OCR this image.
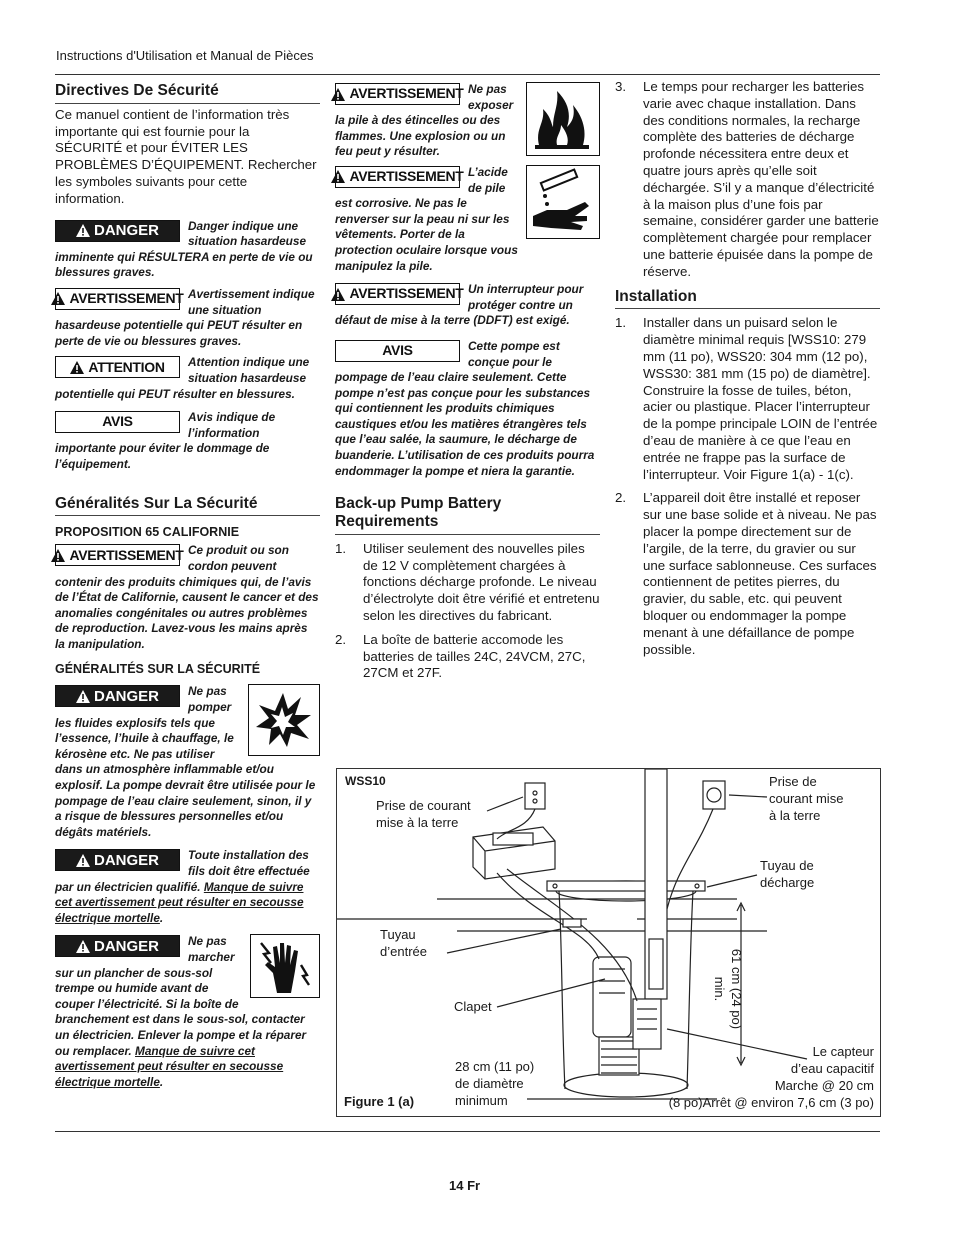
Instructions d'Utilisation et Manual de Pièces
Directives De Sécurité

Ce manuel contient de l’information très importante qui est fournie pour la SÉCURITÉ et pour ÉVITER LES PROBLÈMES D’ÉQUIPEMENT. Rechercher les symboles suivants pour cette information.

DANGER Danger indique une situation hasardeuse imminente qui RÉSULTERA en perte de vie ou blessures graves.
AVERTISSEMENT Avertissement indique une situation hasardeuse potentielle qui PEUT résulter en perte de vie ou blessures graves.
ATTENTION Attention indique une situation hasardeuse potentielle qui PEUT résulter en blessures.
AVIS	Avis indique de l’information importante pour éviter le dommage de l’équipement.
Généralités Sur La Sécurité
PROPOSITION 65 CALIFORNIE
AVERTISSEMENT Ce produit ou son cordon peuvent contenir des produits chimiques qui, de l’avis de l’État de Californie, causent le cancer et des anomalies congénitales ou autres problèmes de reproduction. Lavez-vous les mains après la manipulation.
GÉNÉRALITÉS SUR LA SÉCURITÉ
DANGER Ne pas pomper les fluides explosifs tels que l’essence, l’huile à chauffage, le kérosène etc. Ne pas utiliser dans un atmosphère inflammable et/ou explosif. La pompe devrait être utilisée pour le pompage de l’eau claire seulement, sinon, il y a risque de blessures personnelles et/ou dégâts matériels.
DANGER Toute installation des fils doit être effectuée par un électricien qualifié. Manque de suivre cet avertissement peut résulter en secousse électrique mortelle.
DANGER Ne pas marcher sur un plancher de sous-sol trempe ou humide avant de couper l’électricité. Si la boîte de branchement est dans le sous-sol, contacter un électricien. Enlever la pompe et la réparer ou remplacer. Manque de suivre cet avertissement peut résulter en secousse électrique mortelle.
AVERTISSEMENT Ne pas exposer la pile à des étincelles ou des flammes. Une explosion ou un feu peut y résulter.
AVERTISSEMENT L’acide de pile est corrosive. Ne pas le renverser sur la peau ni sur les vêtements. Porter de la protection oculaire lorsque vous manipulez la pile.
AVERTISSEMENT Un interrupteur pour protéger contre un défaut de mise à la terre (DDFT) est exigé.
AVIS	Cette pompe est conçue pour le pompage de l’eau claire seulement. Cette pompe n’est pas conçue pour les substances qui contiennent les produits chimiques caustiques et/ou les matières étrangères tels que l’eau salée, la saumure, le décharge de buanderie. L’utilisation de ces produits pourra endommager la pompe et niera la garantie.
Back-up Pump Battery Requirements
1. Utiliser seulement des nouvelles piles de 12 V complètement chargées à fonctions décharge profonde. Le niveau d’électrolyte doit être vérifié et entretenu selon les directives du fabricant.
2. La boîte de batterie accomode les batteries de tailles 24C, 24VCM, 27C, 27CM et 27F.
3. Le temps pour recharger les batteries varie avec chaque installation. Dans des conditions normales, la recharge complète des batteries de décharge profonde nécessitera entre deux et quatre jours après qu’elle soit déchargée. S’il y a manque d’électricité à la maison plus d’une fois par semaine, considérer garder une batterie complètement chargée pour remplacer une batterie épuisée dans la pompe de réserve.
Installation
1. Installer dans un puisard selon le diamètre minimal requis [WSS10: 279 mm (11 po), WSS20: 304 mm (12 po), WSS30: 381 mm (15 po) de diamètre]. Construire la fosse de tuiles, béton, acier ou plastique. Placer l’interrupteur de la pompe principale LOIN de l’entrée d’eau de manière à ce que l’eau en entrée ne frappe pas la surface de l’interrupteur. Voir Figure 1(a) - 1(c).
2. L’appareil doit être installé et reposer sur une base solide et à niveau. Ne pas placer la pompe directement sur de l’argile, de la terre, du gravier ou sur une surface sablonneuse. Ces surfaces contiennent de petites pierres, du gravier, du sable, etc. qui peuvent bloquer ou endommager la pompe menant à une défaillance de pompe possible.
WSS10
Prise de courant
mise à la terre
Prise de
courant mise
à la terre
Tuyau de
décharge
Tuyau
d’entrée
Clapet
28 cm (11 po)
de diamètre
minimum
61 cm (24 po)
min.
Le capteur
d’eau capacitif
Marche @ 20 cm
(8 po)Arrêt @ environ 7,6 cm (3 po)
Figure 1 (a)
14 Fr
